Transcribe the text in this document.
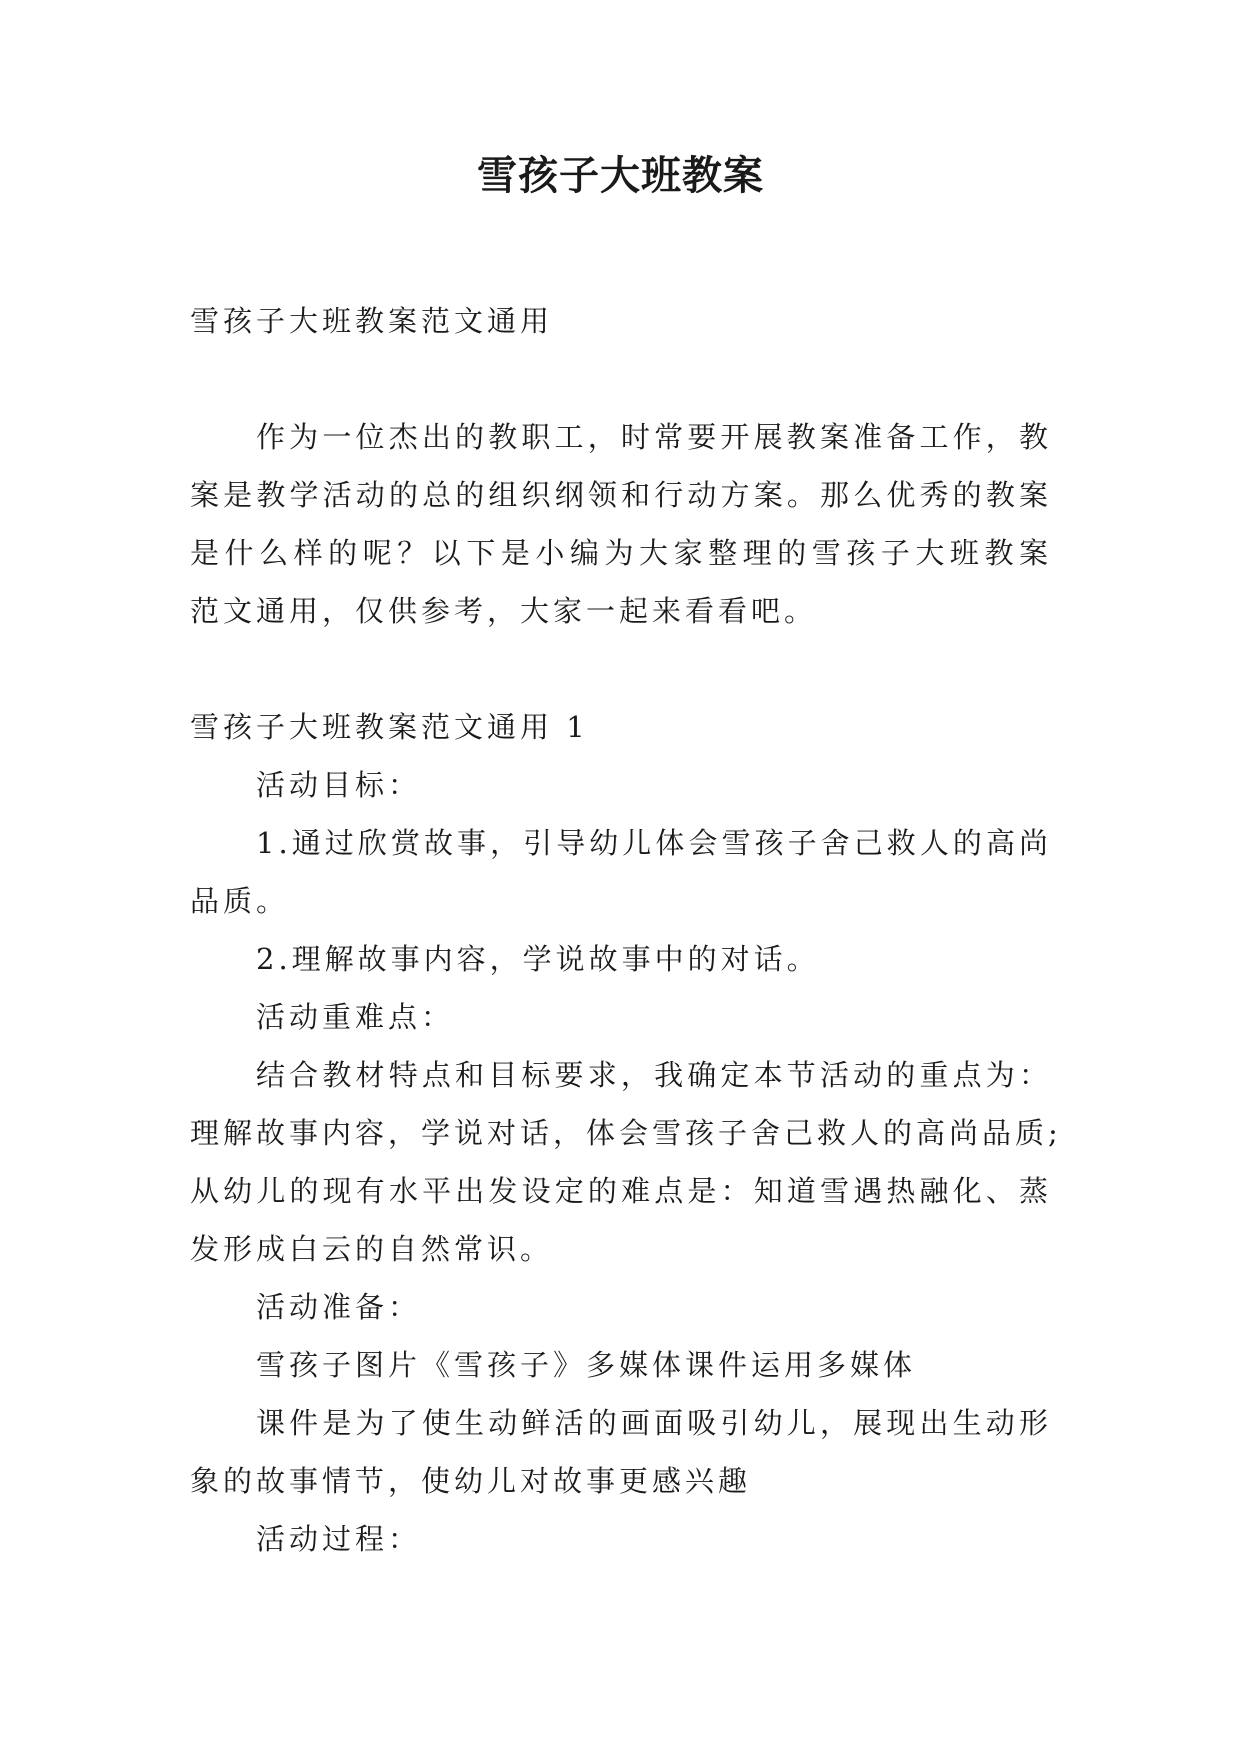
雪孩子大班教案

雪孩子大班教案范文通用

作为一位杰出的教职工，时常要开展教案准备工作，教

案是教学活动的总的组织纲领和行动方案。那么优秀的教案

是什么样的呢？以下是小编为大家整理的雪孩子大班教案

范文通用，仅供参考，大家一起来看看吧。

雪孩子大班教案范文通用 1

活动目标：

1.通过欣赏故事，引导幼儿体会雪孩子舍己救人的高尚

品质。

2.理解故事内容，学说故事中的对话。

活动重难点：

结合教材特点和目标要求，我确定本节活动的重点为：

理解故事内容，学说对话，体会雪孩子舍己救人的高尚品质;

从幼儿的现有水平出发设定的难点是：知道雪遇热融化、蒸

发形成白云的自然常识。

活动准备：

雪孩子图片《雪孩子》多媒体课件运用多媒体

课件是为了使生动鲜活的画面吸引幼儿，展现出生动形

象的故事情节，使幼儿对故事更感兴趣

活动过程：
